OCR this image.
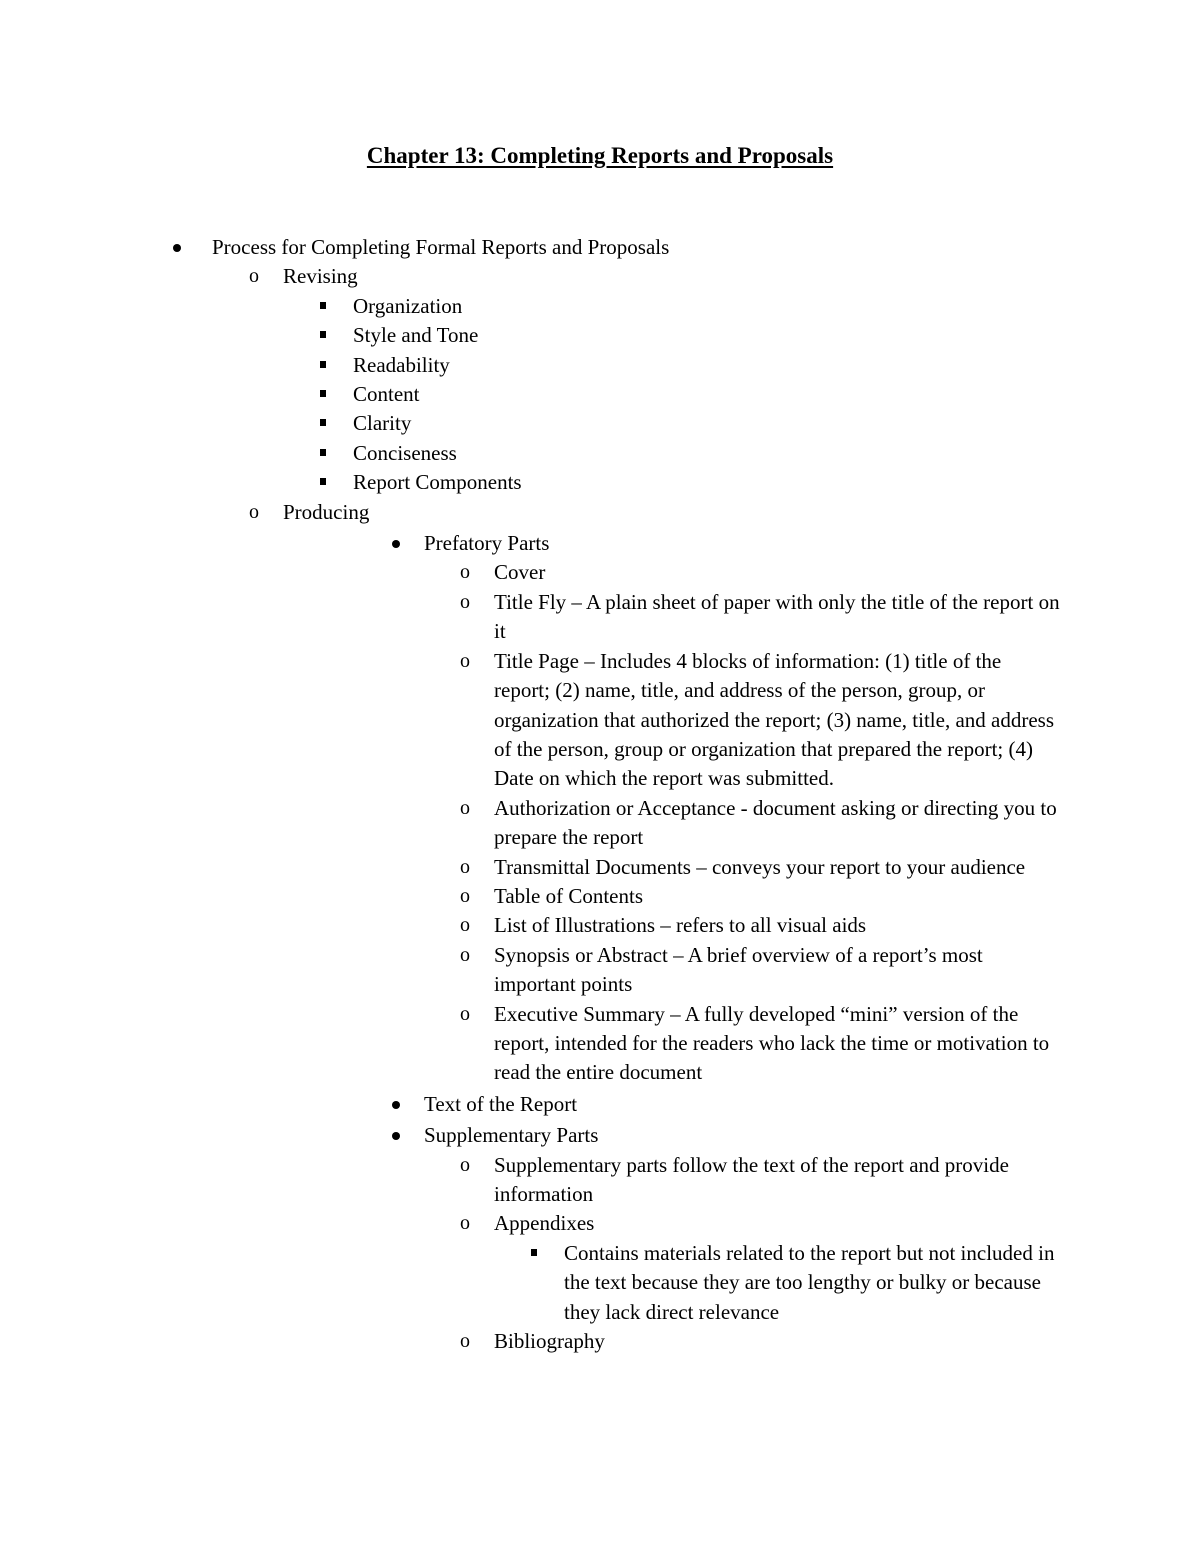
Chapter 13: Completing Reports and Proposals
Process for Completing Formal Reports and Proposals
o Revising
Organization
Style and Tone
Readability
Content
Clarity
Conciseness
Report Components
o Producing
Prefatory Parts
o Cover
o Title Fly – A plain sheet of paper with only the title of the report on it
o Title Page – Includes 4 blocks of information: (1) title of the report; (2) name, title, and address of the person, group, or organization that authorized the report; (3) name, title, and address of the person, group or organization that prepared the report; (4) Date on which the report was submitted.
o Authorization or Acceptance - document asking or directing you to prepare the report
o Transmittal Documents – conveys your report to your audience
o Table of Contents
o List of Illustrations – refers to all visual aids
o Synopsis or Abstract – A brief overview of a report’s most important points
o Executive Summary – A fully developed “mini” version of the report, intended for the readers who lack the time or motivation to read the entire document
Text of the Report
Supplementary Parts
o Supplementary parts follow the text of the report and provide information
o Appendixes
Contains materials related to the report but not included in the text because they are too lengthy or bulky or because they lack direct relevance
o Bibliography
